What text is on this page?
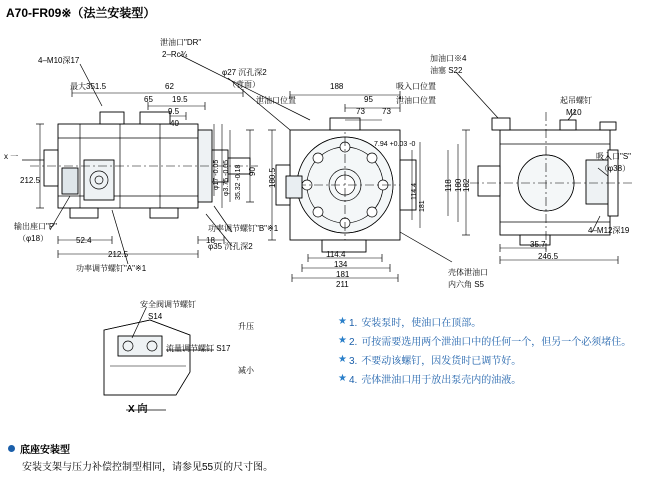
A70-FR09※（法兰安装型）
4–M10深17
最大351.5	62
65 19.5
9.5
40
212.5
52.4
212.5
18
输出座口"P"
（φ18）
x 一
功率调节螺钉"A"※1
φ35 沉孔深2
功率调节螺钉"B"※1
φ3.75 -0.05 35.32 -0.18
φ17 -0.05	90
泄油口"DR"
2–Rc¾
φ27 沉孔深2
（背面）	188
95
吸入口位置
泄油口位置
73 73
泄油口位置
180.5
7.94 +0.03 -0
114.4
181
114.4
134
181
211
壳体泄油口
内六角 S5
加油口※4
油塞 S22
起吊螺钉
M10
吸入口"S"
（φ38）
182
180
118
4–M12深19
35.7
246.5
安全阀调节螺钉
S14
升压
流量调节螺钉 S17
减小
X 向
★ 1. 安装泵时，使油口在顶部。
★ 2. 可按需要选用两个泄油口中的任何一个，但另一个必须堵住。
★ 3. 不要动该螺钉，因发货时已调节好。
★ 4. 壳体泄油口用于放出泵壳内的油液。
底座安装型
安装支架与压力补偿控制型相同，请参见55页的尺寸图。
